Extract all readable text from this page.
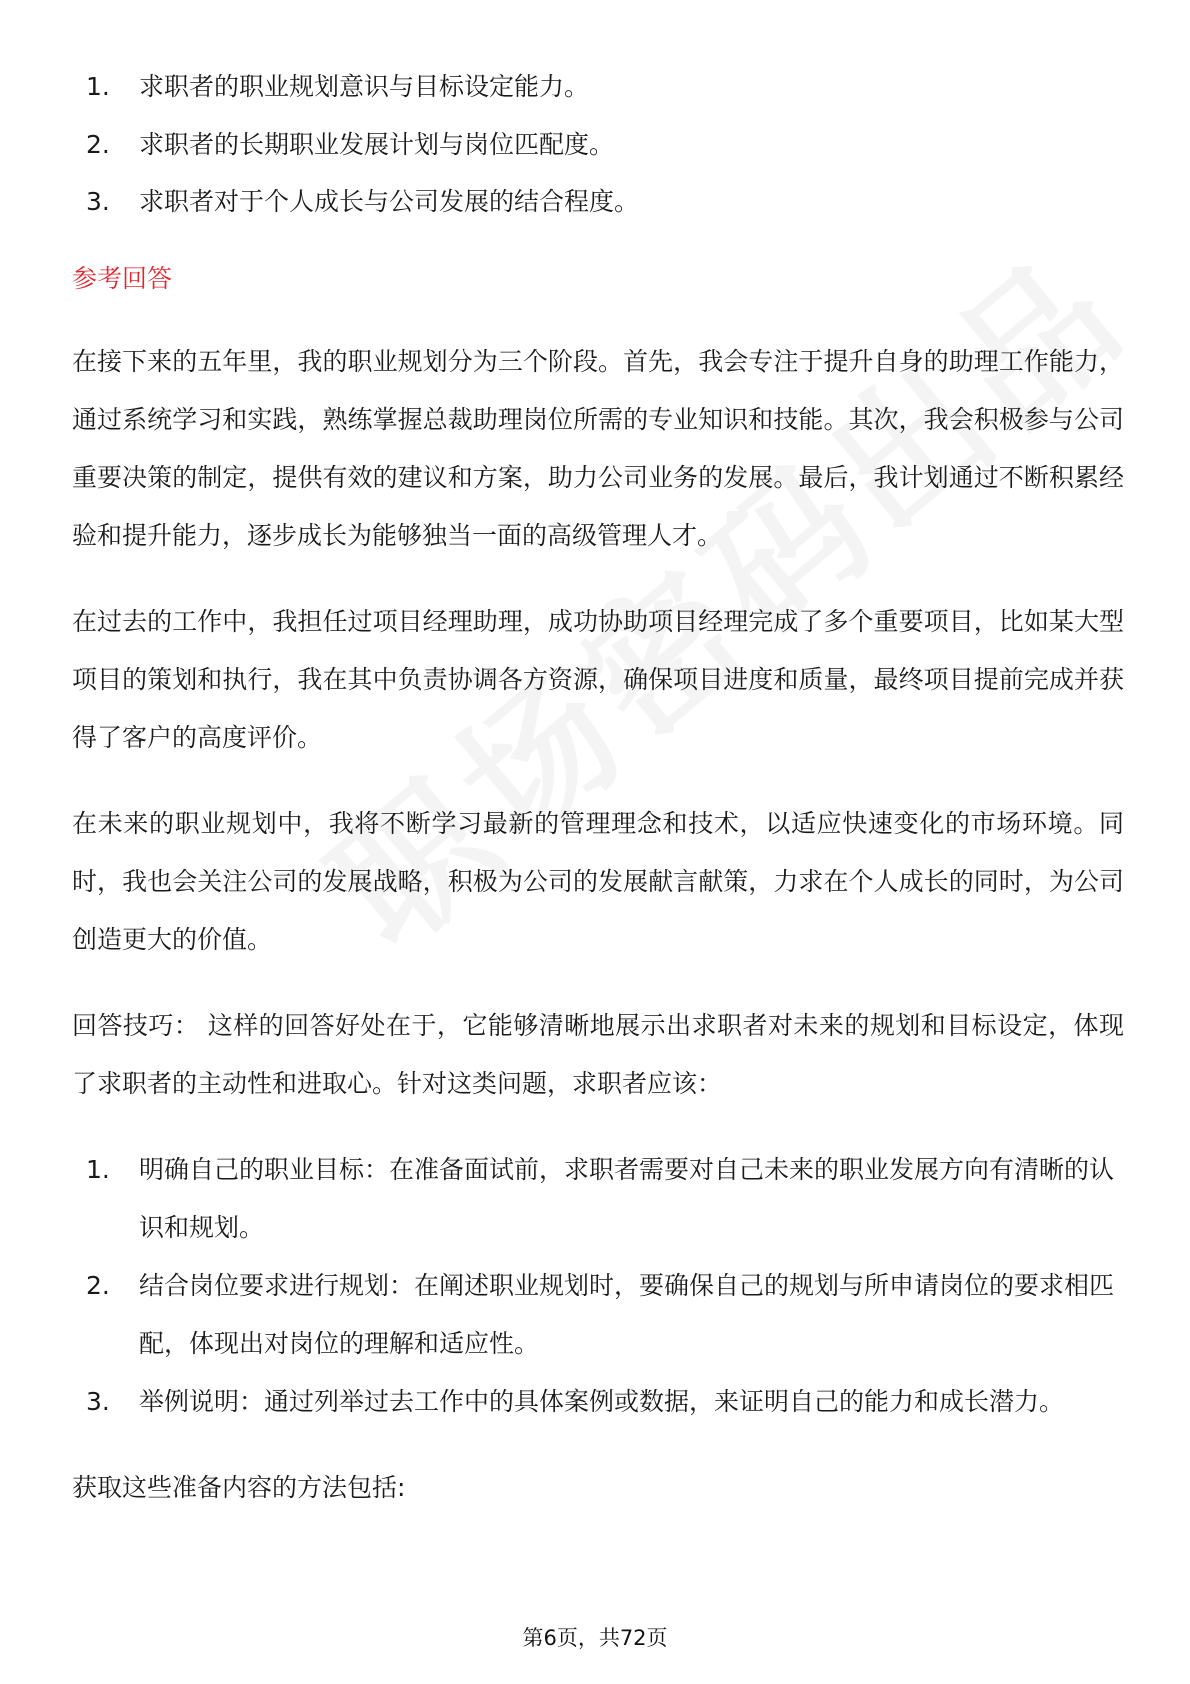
1. 求职者的职业规划意识与目标设定能力。
2. 求职者的长期职业发展计划与岗位匹配度。
3. 求职者对于个人成长与公司发展的结合程度。
参考回答

在接下来的五年里，我的职业规划分为三个阶段。首先，我会专注于提升自身的助理工作能力，通过系统学习和实践，熟练掌握总裁助理岗位所需的专业知识和技能。其次，我会积极参与公司重要决策的制定，提供有效的建议和方案，助力公司业务的发展。最后，我计划通过不断积累经验和提升能力，逐步成长为能够独当一面的高级管理人才。

在过去的工作中，我担任过项目经理助理，成功协助项目经理完成了多个重要项目，比如某大型项目的策划和执行，我在其中负责协调各方资源，确保项目进度和质量，最终项目提前完成并获得了客户的高度评价。

在未来的职业规划中，我将不断学习最新的管理理念和技术，以适应快速变化的市场环境。同时，我也会关注公司的发展战略，积极为公司的发展献言献策，力求在个人成长的同时，为公司创造更大的价值。

回答技巧： 这样的回答好处在于，它能够清晰地展示出求职者对未来的规划和目标设定，体现了求职者的主动性和进取心。针对这类问题，求职者应该：

1. 明确自己的职业目标：在准备面试前，求职者需要对自己未来的职业发展方向有清晰的认识和规划。
2. 结合岗位要求进行规划：在阐述职业规划时，要确保自己的规划与所申请岗位的要求相匹配，体现出对岗位的理解和适应性。
3. 举例说明：通过列举过去工作中的具体案例或数据，来证明自己的能力和成长潜力。

获取这些准备内容的方法包括:

第6页，共72页
